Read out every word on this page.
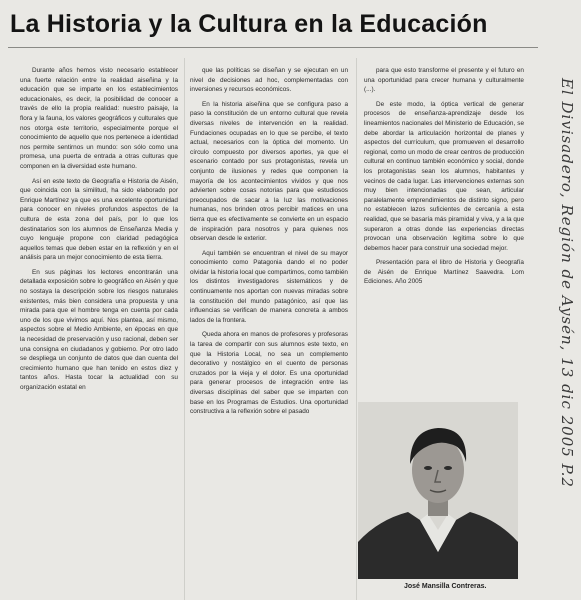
La Historia y la Cultura en la Educación

Durante años hemos visto necesario establecer una fuerte relación entre la realidad aiseñina y la educación que se imparte en los establecimientos educacionales, es decir, la posibilidad de conocer a través de ello la propia realidad: nuestro paisaje, la flora y la fauna, los valores geográficos y culturales que nos otorga este territorio, especialmente porque el conocimiento de aquello que nos pertenece a identidad nos permite sentirnos un mundo: son sólo como una promesa, una puerta de entrada a otras culturas que componen en la diversidad este humano.

Así en este texto de Geografía e Historia de Aisén, que coincida con la similitud, ha sido elaborado por Enrique Martínez ya que es una excelente oportunidad para conocer en niveles profundos aspectos de la cultura de esta zona del país, por lo que los destinatarios son los alumnos de Enseñanza Media y cuyo lenguaje propone con claridad pedagógica aquellos temas que deben estar en la reflexión y en el análisis para un mejor conocimiento de esta tierra.

En sus páginas los lectores encontrarán una detallada exposición sobre lo geográfico en Aisén y que no sostaya la descripción sobre los riesgos naturales existentes, más bien considera una propuesta y una mirada para que el hombre tenga en cuenta por cada uno de los que vivimos aquí. Nos plantea, así mismo, aspectos sobre el Medio Ambiente, en épocas en que la necesidad de preservación y uso racional, deben ser una consigna en ciudadanos y gobierno. Por otro lado se despliega un conjunto de datos que dan cuenta del crecimiento humano que han tenido en estos diez y tantos años. Hasta tocar la actualidad con su organización estatal en

que las políticas se diseñan y se ejecutan en un nivel de decisiones ad hoc, complementadas con inversiones y recursos económicos.

En la historia aiseñina que se configura paso a paso la constitución de un entorno cultural que revela diversas niveles de intervención en la realidad. Fundaciones ocupadas en lo que se percibe, el texto actual, necesarios con la óptica del momento. Un círculo compuesto por diversos aportes, ya que el escenario contado por sus protagonistas, revela un conjunto de ilusiones y redes que componen la mayoría de los acontecimientos vividos y que nos advierten sobre cosas notorias para que estudiosos preocupados de sacar a la luz las motivaciones humanas, nos brinden otros percibir matices en una tierra que es efectivamente se convierte en un espacio de inspiración para nosotros y para quienes nos observan desde le exterior.

Aquí también se encuentran el nivel de su mayor conocimiento como Patagonia dando el no poder olvidar la historia local que compartimos, como también los distintos investigadores sistemáticos y de continuamente nos aportan con nuevas miradas sobre la constitución del mundo patagónico, así que las influencias se verifican de manera concreta a ambos lados de la frontera.

Queda ahora en manos de profesores y profesoras la tarea de compartir con sus alumnos este texto, en que la Historia Local, no sea un complemento decorativo y nostálgico en el cuento de personas cruzados por la vieja y el dolor. Es una oportunidad para generar procesos de integración entre las diversas disciplinas del saber que se imparten con base en los Programas de Estudios. Una oportunidad constructiva a la reflexión sobre el pasado

para que esto transforme el presente y el futuro en una oportunidad para crecer humana y culturalmente (...).

De este modo, la óptica vertical de generar procesos de enseñanza-aprendizaje desde los lineamientos nacionales del Ministerio de Educación, se debe abordar la articulación horizontal de planes y aspectos del currículum, que promueven el desarrollo regional, como un modo de crear centros de producción cultural en continuo también económico y social, donde los protagonistas sean los alumnos, habitantes y vecinos de cada lugar. Las intervenciones externas son muy bien intencionadas que sean, articular paralelamente emprendimientos de distinto signo, pero no establecen lazos suficientes de cercanía a esta realidad, que se basaría más piramidal y viva, y a la que superaron a otras donde las experiencias directas provocan una observación legítima sobre lo que debemos hacer para construir una sociedad mejor.

Presentación para el libro de Historia y Geografía de Aisén de Enrique Martínez Saavedra. Lom Ediciones. Año 2005

José Mansilla Contreras.
El Divisadero, Región de Aysén, 13 dic 2005 P.2
